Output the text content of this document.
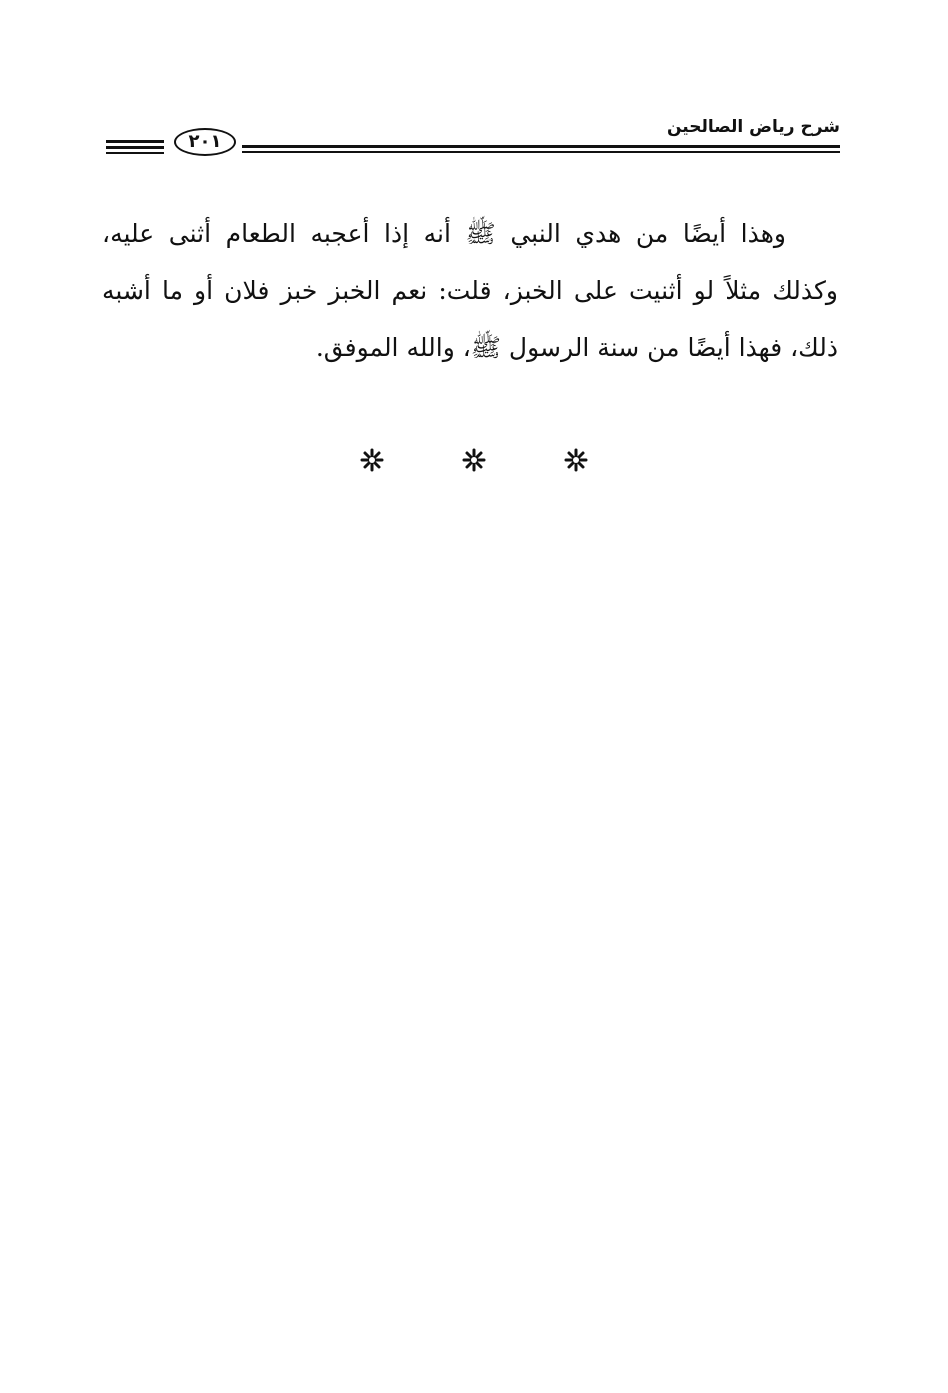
شرح رياض الصالحين
٢٠١

وهذا أيضًا من هدي النبي ﷺ أنه إذا أعجبه الطعام أثنى عليه، وكذلك مثلاً لو أثنيت على الخبز، قلت: نعم الخبز خبز فلان أو ما أشبه ذلك، فهذا أيضًا من سنة الرسول ﷺ، والله الموفق.
